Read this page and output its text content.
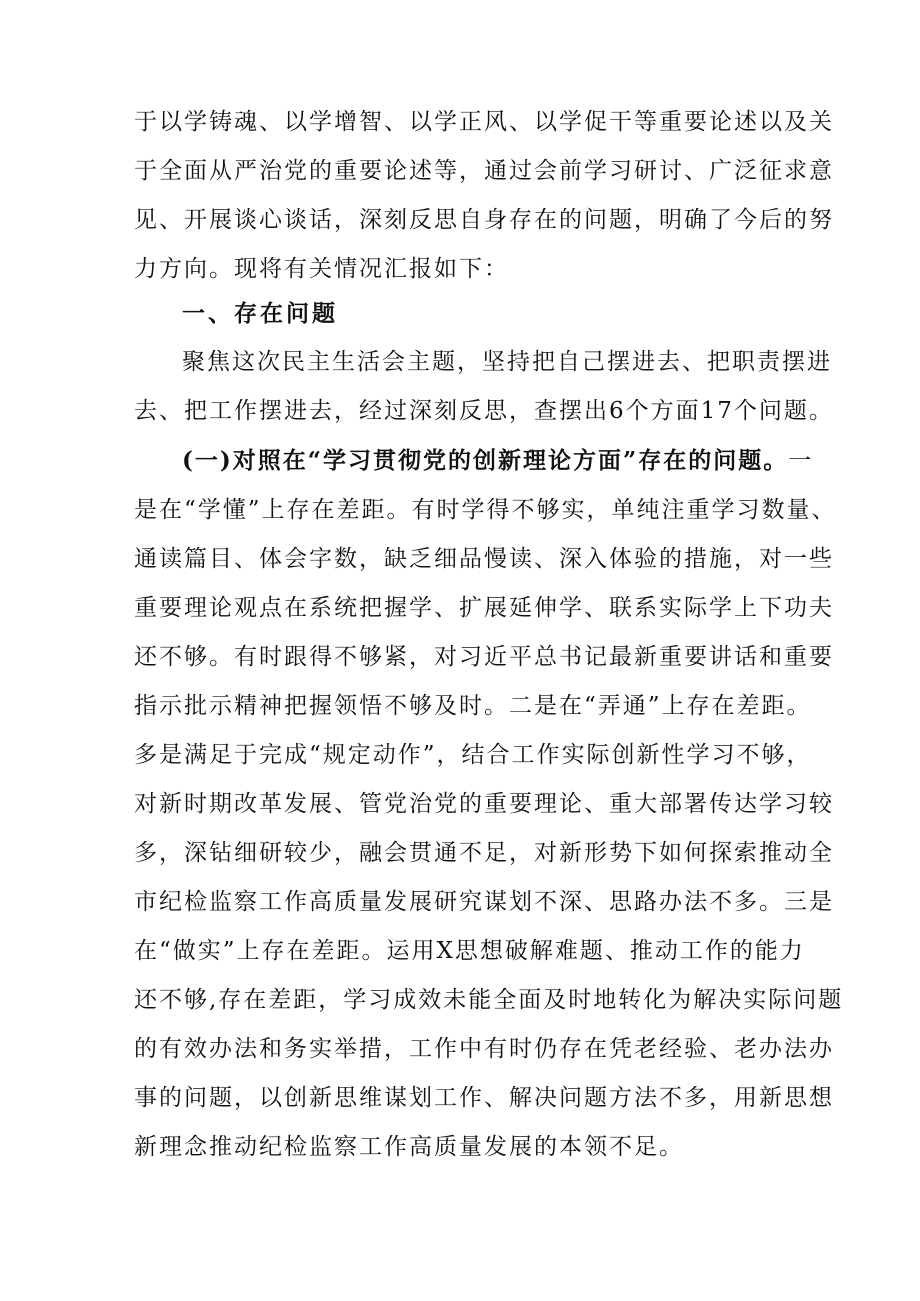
于以学铸魂、以学增智、以学正风、以学促干等重要论述以及关
于全面从严治党的重要论述等，通过会前学习研讨、广泛征求意
见、开展谈心谈话，深刻反思自身存在的问题，明确了今后的努
力方向。现将有关情况汇报如下：
一、存在问题
聚焦这次民主生活会主题，坚持把自己摆进去、把职责摆进
去、把工作摆进去，经过深刻反思，查摆出6个方面17个问题。
(一)对照在“学习贯彻党的创新理论方面”存在的问题。一
是在“学懂”上存在差距。有时学得不够实，单纯注重学习数量、
通读篇目、体会字数，缺乏细品慢读、深入体验的措施，对一些
重要理论观点在系统把握学、扩展延伸学、联系实际学上下功夫
还不够。有时跟得不够紧，对习近平总书记最新重要讲话和重要
指示批示精神把握领悟不够及时。二是在“弄通”上存在差距。
多是满足于完成“规定动作”，结合工作实际创新性学习不够，
对新时期改革发展、管党治党的重要理论、重大部署传达学习较
多，深钻细研较少，融会贯通不足，对新形势下如何探索推动全
市纪检监察工作高质量发展研究谋划不深、思路办法不多。三是
在“做实”上存在差距。运用X思想破解难题、推动工作的能力
还不够,存在差距，学习成效未能全面及时地转化为解决实际问题
的有效办法和务实举措，工作中有时仍存在凭老经验、老办法办
事的问题，以创新思维谋划工作、解决问题方法不多，用新思想
新理念推动纪检监察工作高质量发展的本领不足。
